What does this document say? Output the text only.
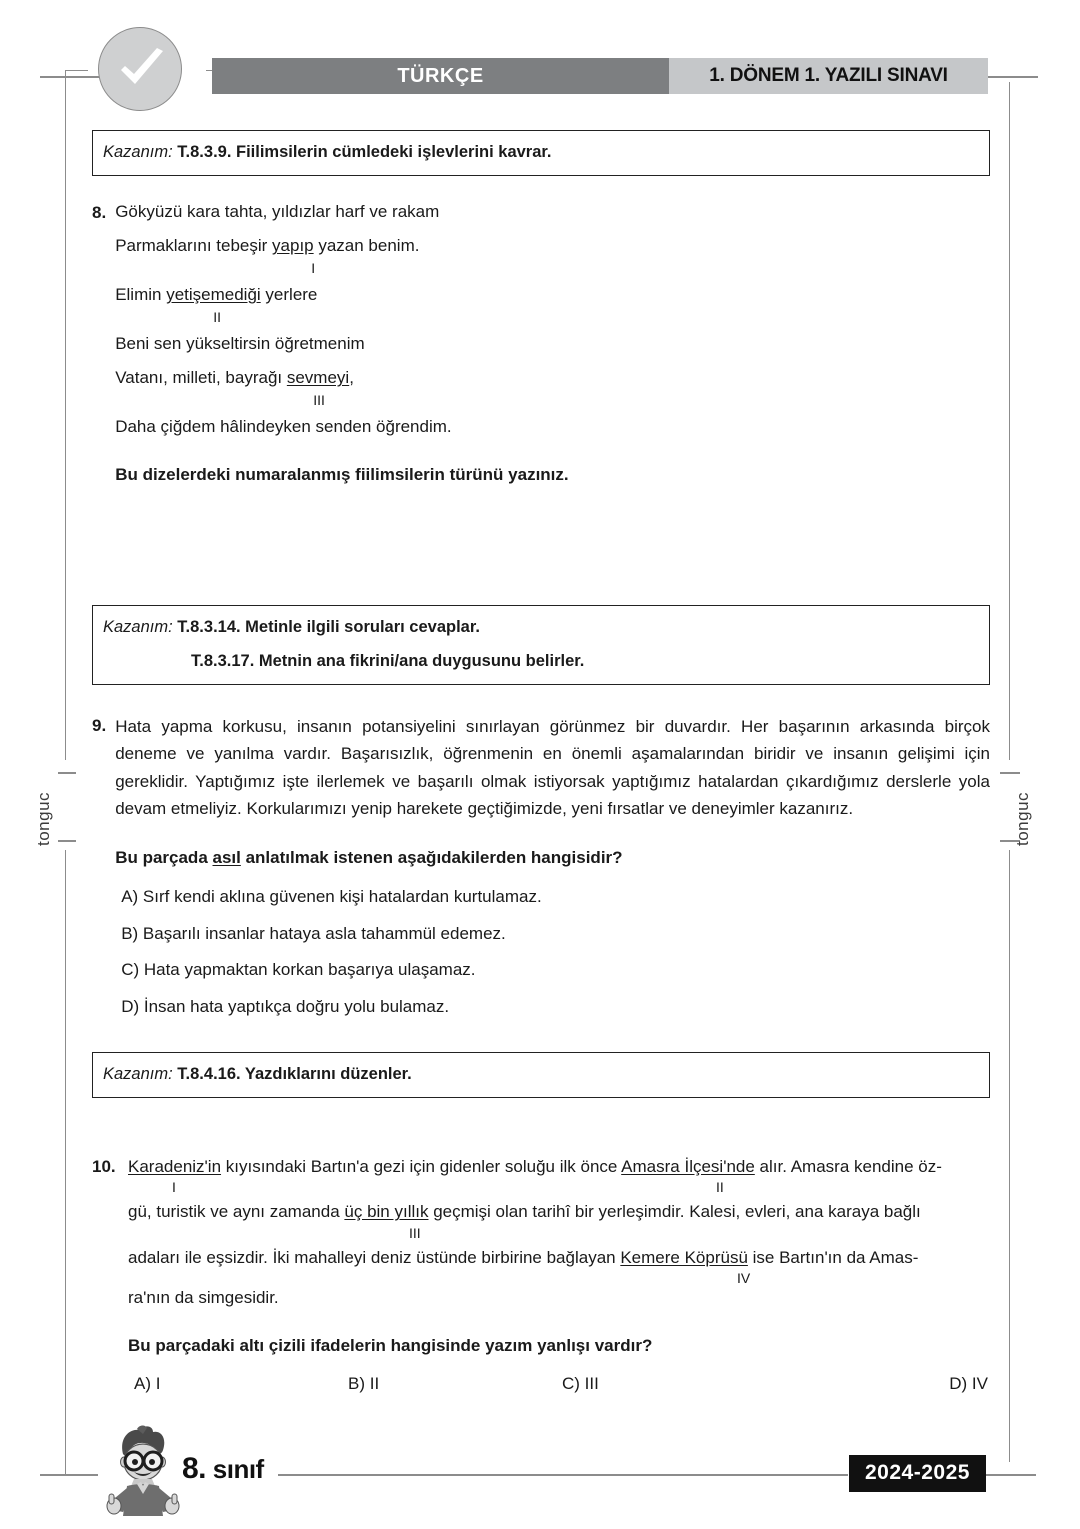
TÜRKÇE	1. DÖNEM 1. YAZILI SINAVI
tonguc	tonguc
Kazanım: T.8.3.9. Fiilimsilerin cümledeki işlevlerini kavrar.
8. Gökyüzü kara tahta, yıldızlar harf ve rakam
Parmaklarını tebeşir yapıp yazan benim.
I
Elimin yetişemediği yerlere
II
Beni sen yükseltirsin öğretmenim
Vatanı, milleti, bayrağı sevmeyi,
III
Daha çiğdem hâlindeyken senden öğrendim.
Bu dizelerdeki numaralanmış fiilimsilerin türünü yazınız.
Kazanım: T.8.3.14. Metinle ilgili soruları cevaplar.
T.8.3.17. Metnin ana fikrini/ana duygusunu belirler.
9. Hata yapma korkusu, insanın potansiyelini sınırlayan görünmez bir duvardır. Her başarının arkasında birçok deneme ve yanılma vardır. Başarısızlık, öğrenmenin en önemli aşamalarından biridir ve insanın gelişimi için gereklidir. Yaptığımız işte ilerlemek ve başarılı olmak istiyorsak yaptığımız hatalardan çıkardığımız derslerle yola devam etmeliyiz. Korkularımızı yenip harekete geçtiğimizde, yeni fırsatlar ve deneyimler kazanırız.
Bu parçada asıl anlatılmak istenen aşağıdakilerden hangisidir?
A) Sırf kendi aklına güvenen kişi hatalardan kurtulamaz.
B) Başarılı insanlar hataya asla tahammül edemez.
C) Hata yapmaktan korkan başarıya ulaşamaz.
D) İnsan hata yaptıkça doğru yolu bulamaz.
Kazanım: T.8.4.16. Yazdıklarını düzenler.
10. Karadeniz'in kıyısındaki Bartın'a gezi için gidenler soluğu ilk önce Amasra İlçesi'nde alır. Amasra kendine öz-
I	II
gü, turistik ve aynı zamanda üç bin yıllık geçmişi olan tarihî bir yerleşimdir. Kalesi, evleri, ana karaya bağlı
III
adaları ile eşsizdir. İki mahalleyi deniz üstünde birbirine bağlayan Kemere Köprüsü ise Bartın'ın da Amas-
IV
ra'nın da simgesidir.
Bu parçadaki altı çizili ifadelerin hangisinde yazım yanlışı vardır?
A) I	B) II	C) III	D) IV
8. sınıf	2024-2025
